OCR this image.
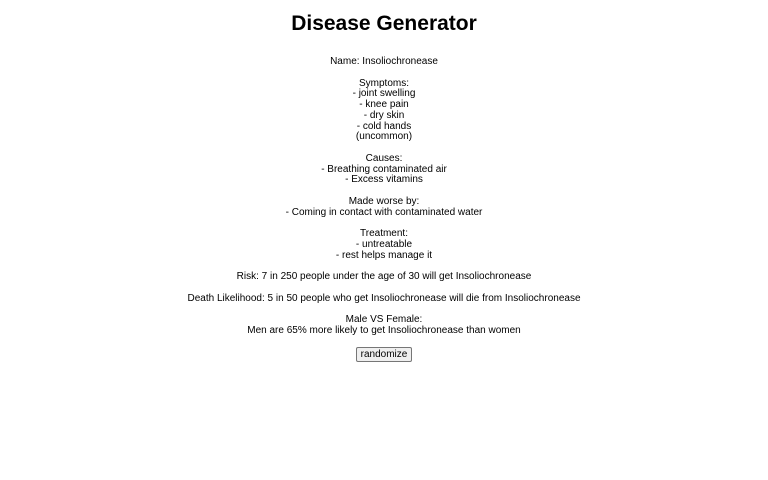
Disease Generator
Name: Insoliochronease
Symptoms:
- joint swelling
- knee pain
- dry skin
- cold hands
(uncommon)
Causes:
- Breathing contaminated air
- Excess vitamins
Made worse by:
- Coming in contact with contaminated water
Treatment:
- untreatable
- rest helps manage it
Risk: 7 in 250 people under the age of 30 will get Insoliochronease
Death Likelihood: 5 in 50 people who get Insoliochronease will die from Insoliochronease
Male VS Female:
Men are 65% more likely to get Insoliochronease than women
randomize
